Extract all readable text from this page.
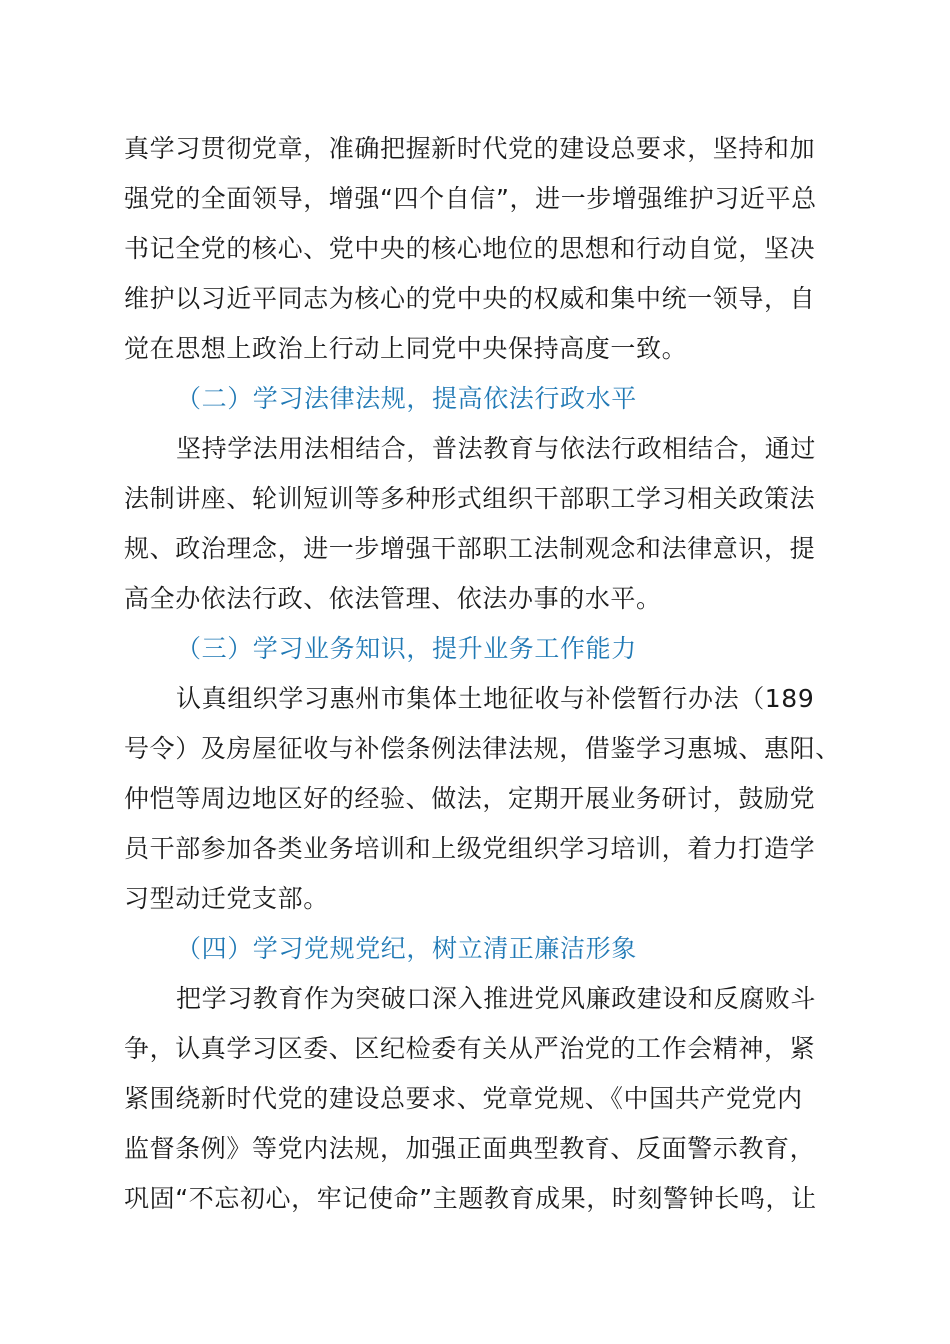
真学习贯彻党章，准确把握新时代党的建设总要求，坚持和加
强党的全面领导，增强“四个自信”，进一步增强维护习近平总
书记全党的核心、党中央的核心地位的思想和行动自觉，坚决
维护以习近平同志为核心的党中央的权威和集中统一领导，自
觉在思想上政治上行动上同党中央保持高度一致。
（二）学习法律法规，提高依法行政水平
坚持学法用法相结合，普法教育与依法行政相结合，通过
法制讲座、轮训短训等多种形式组织干部职工学习相关政策法
规、政治理念，进一步增强干部职工法制观念和法律意识，提
高全办依法行政、依法管理、依法办事的水平。
（三）学习业务知识，提升业务工作能力
认真组织学习惠州市集体土地征收与补偿暂行办法（189
号令）及房屋征收与补偿条例法律法规，借鉴学习惠城、惠阳、
仲恺等周边地区好的经验、做法，定期开展业务研讨，鼓励党
员干部参加各类业务培训和上级党组织学习培训，着力打造学
习型动迁党支部。
（四）学习党规党纪，树立清正廉洁形象
把学习教育作为突破口深入推进党风廉政建设和反腐败斗
争，认真学习区委、区纪检委有关从严治党的工作会精神，紧
紧围绕新时代党的建设总要求、党章党规、《中国共产党党内
监督条例》等党内法规，加强正面典型教育、反面警示教育，
巩固“不忘初心，牢记使命”主题教育成果，时刻警钟长鸣，让
